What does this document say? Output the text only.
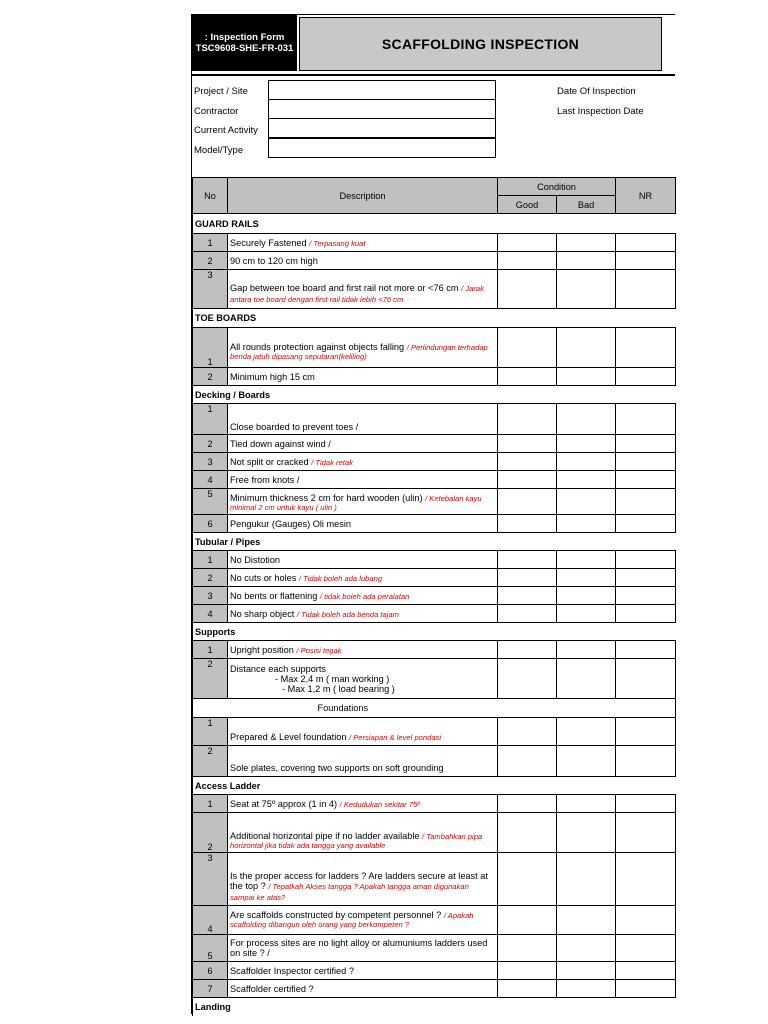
: Inspection Form
TSC9608-SHE-FR-031	SCAFFOLDING INSPECTION
Project / Site
Contractor
Current Activity
Model/Type
Date Of Inspection
Last Inspection Date
No	Description	Condition		NR
		Good	Bad	
GUARD RAILS				
1	Securely Fastened / Terpasang kuat			
2	90 cm to 120 cm high			
3	Gap between toe board and first rail not more or <76 cm / Jarak antara toe board dengan first rail tidak lebih <76 cm			
TOE BOARDS				
1	All rounds protection against objects falling / Perlindungan terhadap benda jatuh dipasang seputaran(keliling)			
2	Minimum high 15 cm			
Decking / Boards				
1	Close boarded to prevent toes /			
2	Tied down against wind /			
3	Not split or cracked / Tidak retak			
4	Free from knots /			
5	Minimum thickness 2 cm for hard wooden (ulin) / Ketebalan kayu minimal 2 cm untuk kayu ( ulin )			
6	Pengukur (Gauges) Oli mesin			
Tubular / Pipes				
1	No Distotion			
2	No cuts or holes / Tidak boleh ada lubang			
3	No bents or flattening / tidak boleh ada peralatan			
4	No sharp object / Tidak boleh ada benda tajam			
Supports				
1	Upright position / Posisi tegak			
2	Distance each supports
- Max 2,4 m ( man working )
- Max 1,2 m ( load bearing )			

	Foundations			
1	Prepared & Level foundation / Persiapan & level pondasi			
2	Sole plates, covering two supports on soft grounding			
Access Ladder				
1	Seat at 75º approx (1 in 4) / Kedudukan sekitar 75º			
2	Additional horizontal pipe if no ladder available / Tambahkan pipa horizontal jika tidak ada tangga yang available			
3	Is the proper access for ladders ? Are ladders secure at least at the top ? / Tepatkah Akses tangga ? Apakah tangga aman digunakan sampai ke atas?			
4	Are scaffolds constructed by competent personnel ? / Apakah scaffolding dibangun oleh orang yang berkompeten ?			
5	For process sites are no light alloy or alumuniums ladders used on site ? /			
6	Scaffolder Inspector certified ?			
7	Scaffolder certified ?			
Landing				
